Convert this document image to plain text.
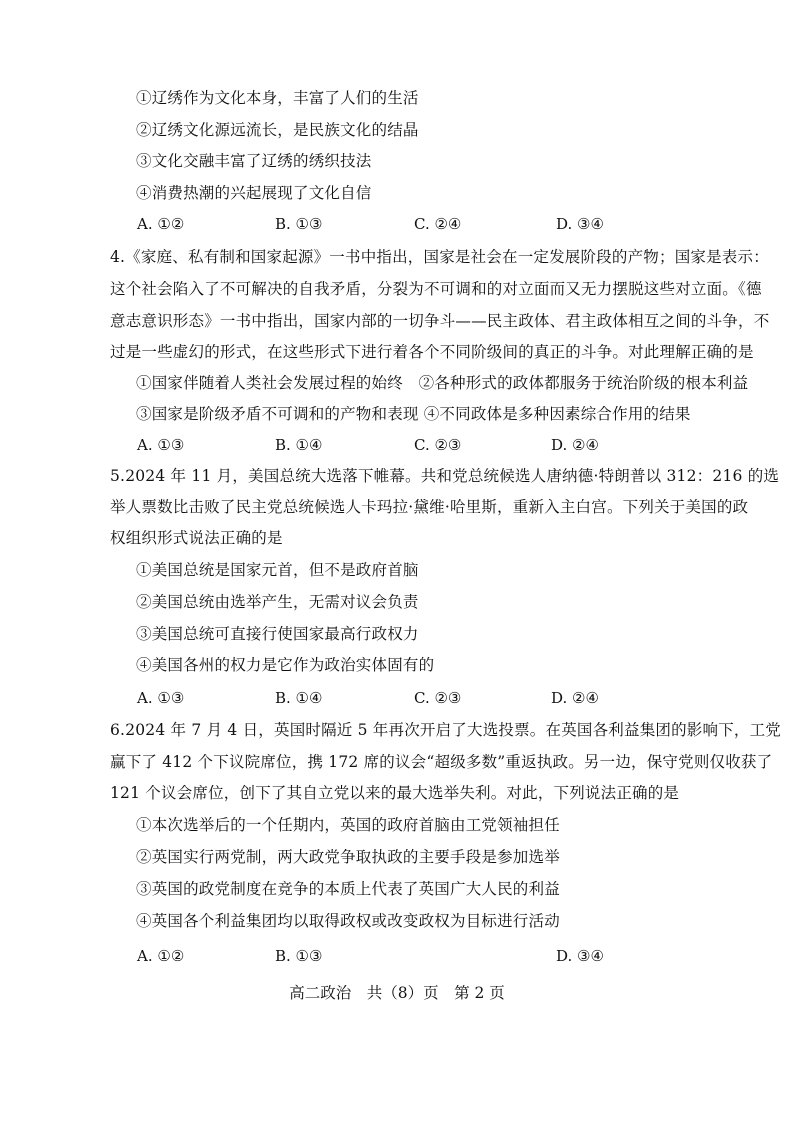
①辽绣作为文化本身，丰富了人们的生活
②辽绣文化源远流长，是民族文化的结晶
③文化交融丰富了辽绣的绣织技法
④消费热潮的兴起展现了文化自信
A. ①②	B. ①③	C. ②④	D. ③④
4.《家庭、私有制和国家起源》一书中指出，国家是社会在一定发展阶段的产物；国家是表示：
这个社会陷入了不可解决的自我矛盾，分裂为不可调和的对立面而又无力摆脱这些对立面。《德
意志意识形态》一书中指出，国家内部的一切争斗——民主政体、君主政体相互之间的斗争，不
过是一些虚幻的形式，在这些形式下进行着各个不同阶级间的真正的斗争。对此理解正确的是
①国家伴随着人类社会发展过程的始终　②各种形式的政体都服务于统治阶级的根本利益
③国家是阶级矛盾不可调和的产物和表现 ④不同政体是多种因素综合作用的结果
A. ①③	B. ①④	C. ②③	D. ②④
5.2024 年 11 月，美国总统大选落下帷幕。共和党总统候选人唐纳德·特朗普以 312：216 的选
举人票数比击败了民主党总统候选人卡玛拉·黛维·哈里斯，重新入主白宫。下列关于美国的政
权组织形式说法正确的是
①美国总统是国家元首，但不是政府首脑
②美国总统由选举产生，无需对议会负责
③美国总统可直接行使国家最高行政权力
④美国各州的权力是它作为政治实体固有的
A. ①③	B. ①④	C. ②③	D. ②④
6.2024 年 7 月 4 日，英国时隔近 5 年再次开启了大选投票。在英国各利益集团的影响下，工党
赢下了 412 个下议院席位，携 172 席的议会“超级多数”重返执政。另一边，保守党则仅收获了
121 个议会席位，创下了其自立党以来的最大选举失利。对此，下列说法正确的是
①本次选举后的一个任期内，英国的政府首脑由工党领袖担任
②英国实行两党制，两大政党争取执政的主要手段是参加选举
③英国的政党制度在竞争的本质上代表了英国广大人民的利益
④英国各个利益集团均以取得政权或改变政权为目标进行活动
A. ①②	B. ①③	D. ③④
高二政治　共（8）页　第 2 页
